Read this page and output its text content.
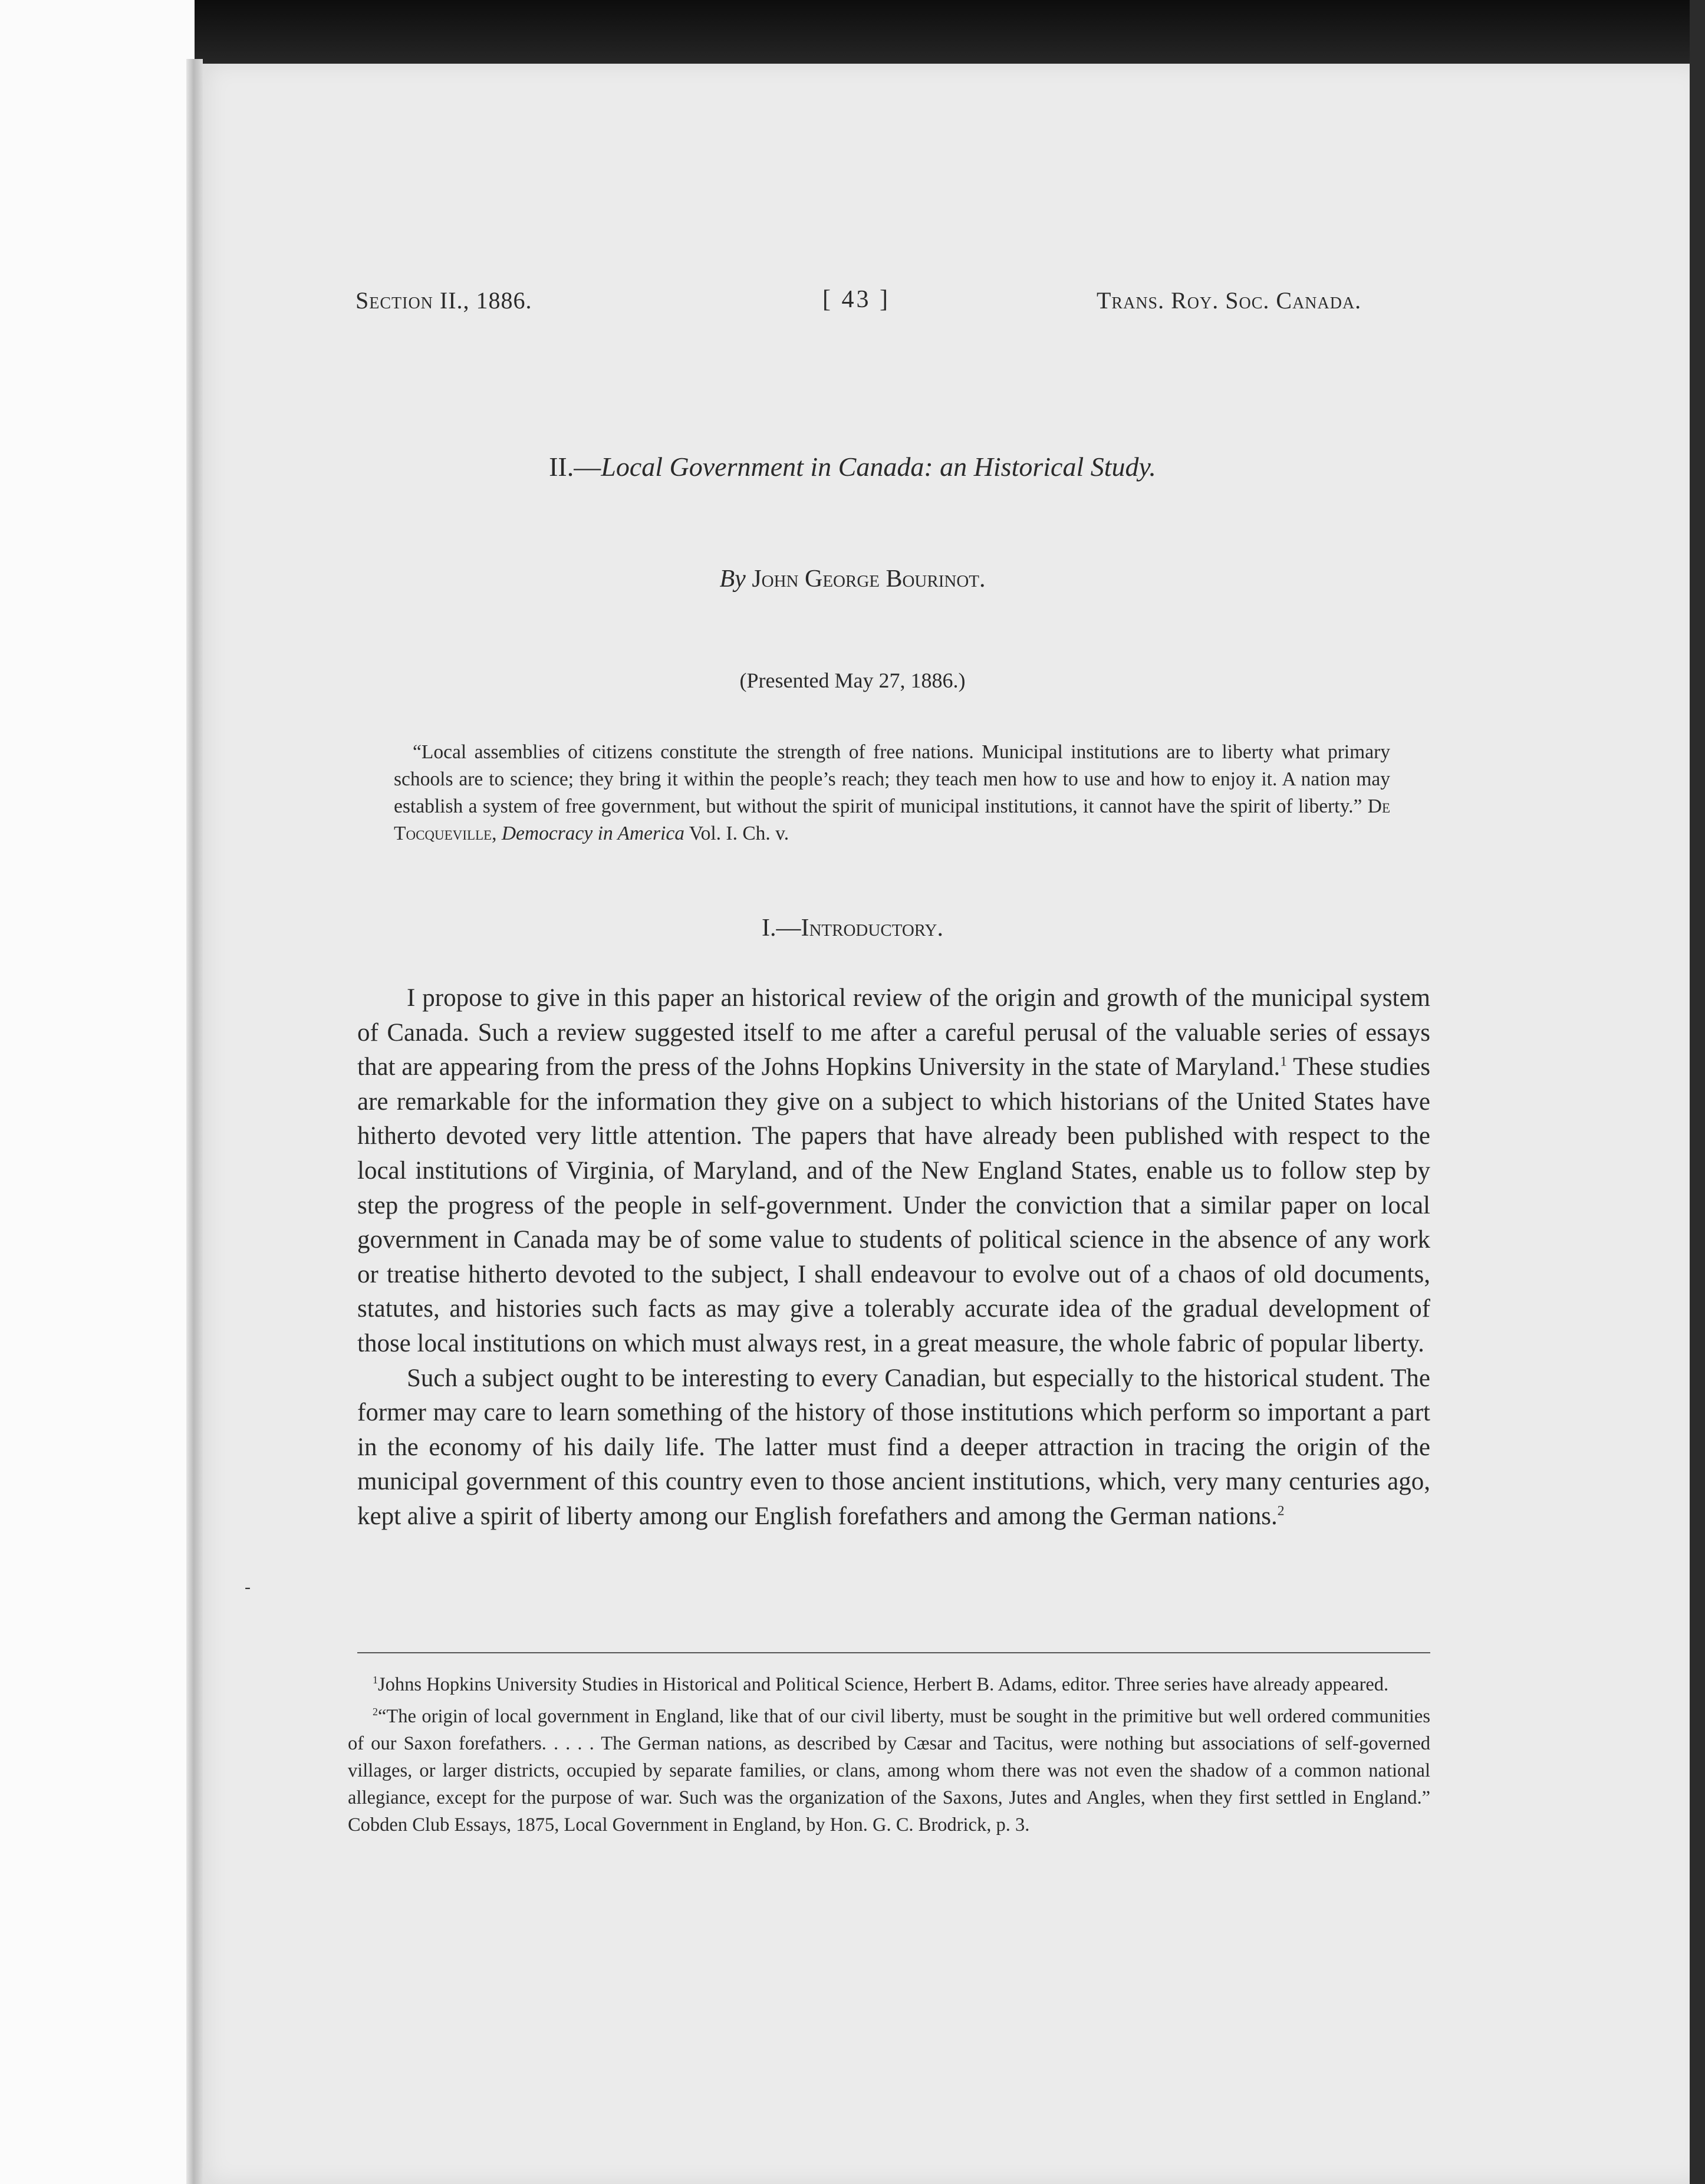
-
Section II., 1886.	[ 43 ]	Trans. Roy. Soc. Canada.
II.—Local Government in Canada: an Historical Study.
By John George Bourinot.
(Presented May 27, 1886.)
“Local assemblies of citizens constitute the strength of free nations. Municipal institutions are to liberty what primary schools are to science; they bring it within the people’s reach; they teach men how to use and how to enjoy it. A nation may establish a system of free government, but without the spirit of municipal institutions, it cannot have the spirit of liberty.” De Tocqueville, Democracy in America Vol. I. Ch. v.
I.—Introductory.

I propose to give in this paper an historical review of the origin and growth of the municipal system of Canada. Such a review suggested itself to me after a careful perusal of the valuable series of essays that are appearing from the press of the Johns Hopkins University in the state of Maryland.$^1$ These studies are remarkable for the information they give on a subject to which historians of the United States have hitherto devoted very little attention. The papers that have already been published with respect to the local institutions of Virginia, of Maryland, and of the New England States, enable us to follow step by step the progress of the people in self-government. Under the conviction that a similar paper on local government in Canada may be of some value to students of political science in the absence of any work or treatise hitherto devoted to the subject, I shall endeavour to evolve out of a chaos of old documents, statutes, and histories such facts as may give a tolerably accurate idea of the gradual development of those local institutions on which must always rest, in a great measure, the whole fabric of popular liberty.

Such a subject ought to be interesting to every Canadian, but especially to the historical student. The former may care to learn something of the history of those institutions which perform so important a part in the economy of his daily life. The latter must find a deeper attraction in tracing the origin of the municipal government of this country even to those ancient institutions, which, very many centuries ago, kept alive a spirit of liberty among our English forefathers and among the German nations.$^2$

$^1$Johns Hopkins University Studies in Historical and Political Science, Herbert B. Adams, editor. Three series have already appeared.

$^2$“The origin of local government in England, like that of our civil liberty, must be sought in the primitive but well ordered communities of our Saxon forefathers. . . . . The German nations, as described by Cæsar and Tacitus, were nothing but associations of self-governed villages, or larger districts, occupied by separate families, or clans, among whom there was not even the shadow of a common national allegiance, except for the purpose of war. Such was the organization of the Saxons, Jutes and Angles, when they first settled in England.” Cobden Club Essays, 1875, Local Government in England, by Hon. G. C. Brodrick, p. 3.
